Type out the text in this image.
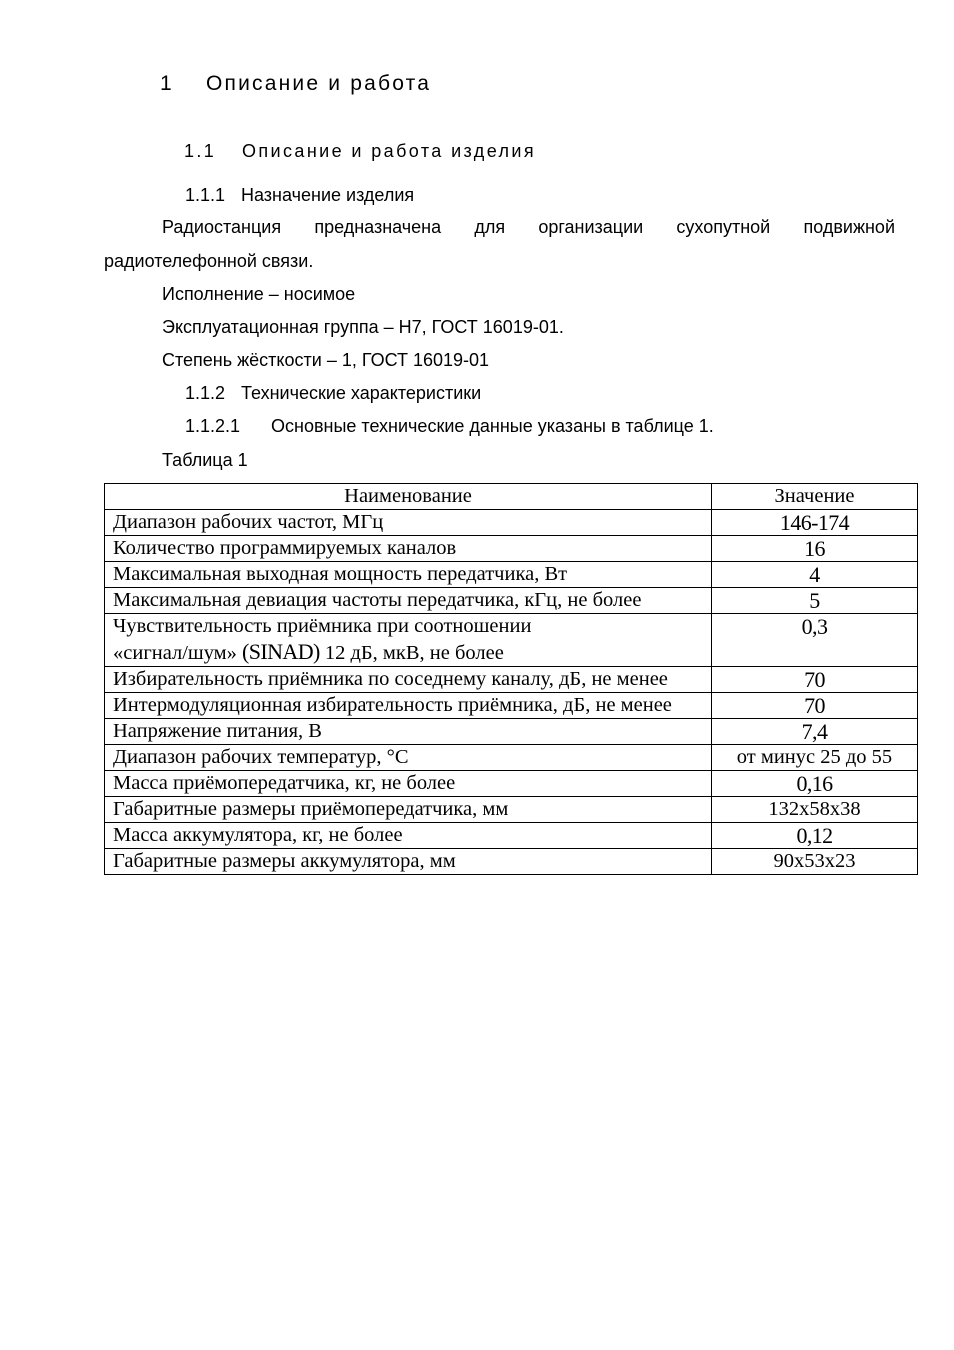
1 Описание и работа
1.1 Описание и работа изделия
1.1.1 Назначение изделия
Радиостанция предназначена для организации сухопутной подвижной
радиотелефонной связи.
Исполнение – носимое
Эксплуатационная группа – Н7, ГОСТ 16019-01.
Степень жёсткости – 1, ГОСТ 16019-01
1.1.2 Технические характеристики
1.1.2.1 Основные технические данные указаны в таблице 1.
Таблица 1
Наименование	Значение
Диапазон рабочих частот, МГц	146-174
Количество программируемых каналов	16
Максимальная выходная мощность передатчика, Вт	4
Максимальная девиация частоты передатчика, кГц, не более	5
Чувствительность приёмника при соотношении
«сигнал/шум» (SINAD) 12 дБ, мкВ, не более	0,3
Избирательность приёмника по соседнему каналу, дБ, не менее	70
Интермодуляционная избирательность приёмника, дБ, не менее	70
Напряжение питания, В	7,4
Диапазон рабочих температур, °С	от минус 25 до 55
Масса приёмопередатчика, кг, не более	0,16
Габаритные размеры приёмопередатчика, мм	132х58х38
Масса аккумулятора, кг, не более	0,12
Габаритные размеры аккумулятора, мм	90х53х23
